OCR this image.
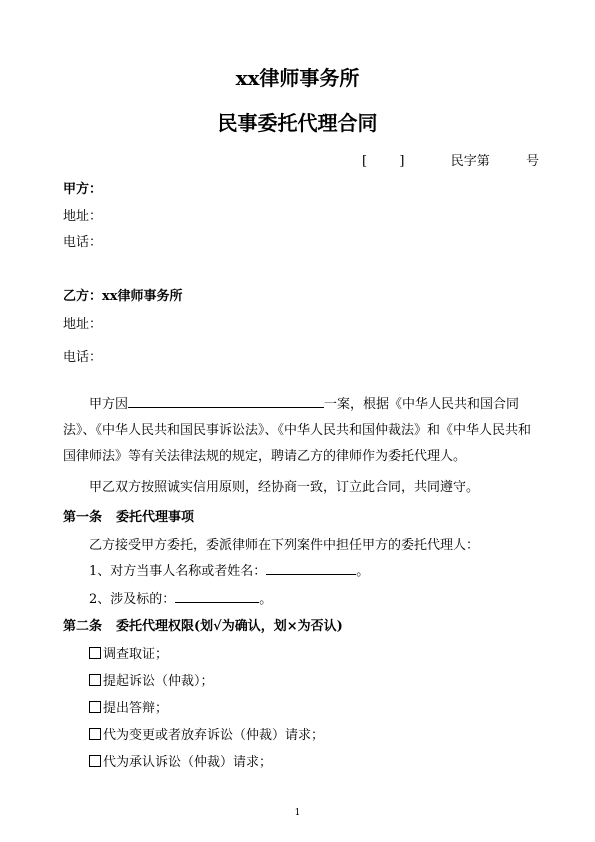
xx律师事务所
民事委托代理合同
[ ]	民字第	号
甲方：
地址：
电话：
乙方：xx律师事务所
地址：
电话：
甲方因	一案，根据《中华人民共和国合同法》、《中华人民共和国民事诉讼法》、《中华人民共和国仲裁法》和《中华人民共和国律师法》等有关法律法规的规定，聘请乙方的律师作为委托代理人。
甲乙双方按照诚实信用原则，经协商一致，订立此合同，共同遵守。
第一条 委托代理事项
乙方接受甲方委托，委派律师在下列案件中担任甲方的委托代理人：
1、对方当事人名称或者姓名：	。
2、涉及标的：	。
第二条 委托代理权限(划√为确认，划×为否认)
调查取证；
提起诉讼（仲裁）；
提出答辩；
代为变更或者放弃诉讼（仲裁）请求；
代为承认诉讼（仲裁）请求；
1
